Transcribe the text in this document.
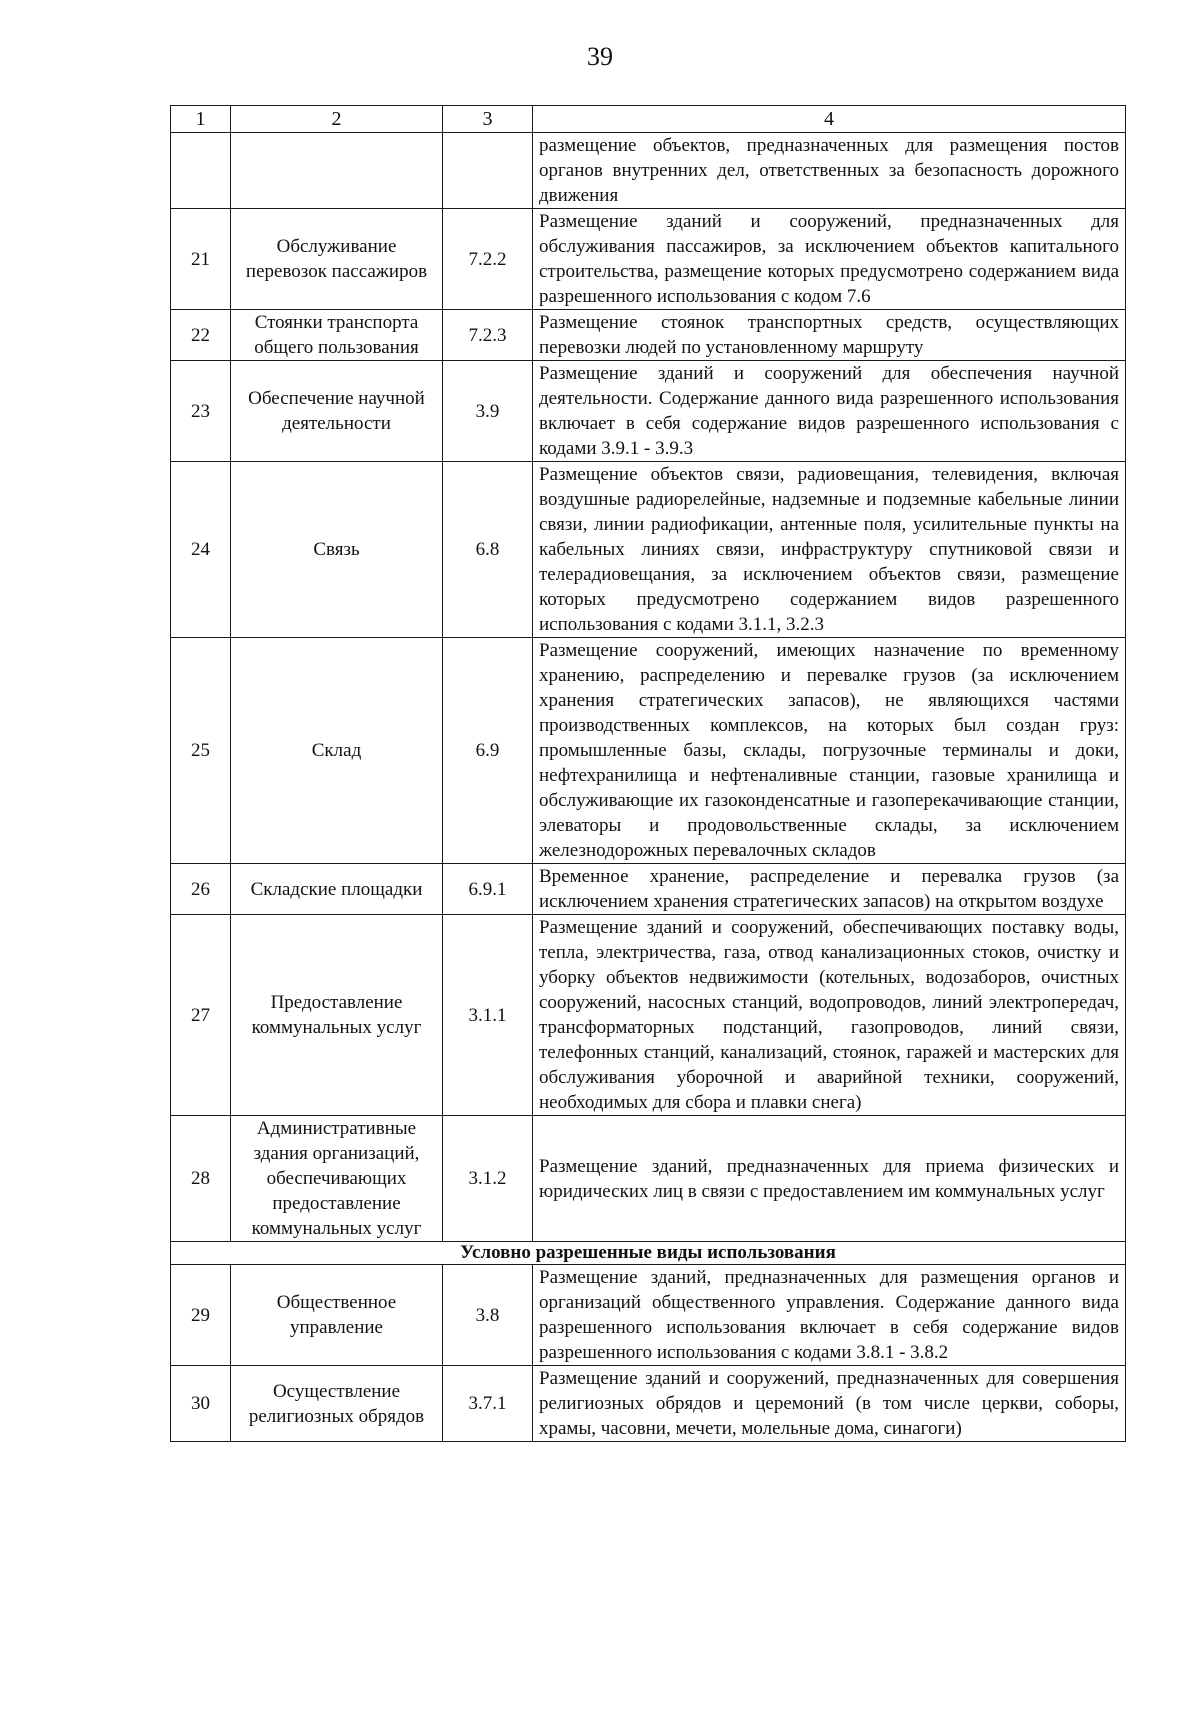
39
1	2	3	4
			размещение объектов, предназначенных для размещения постов органов внутренних дел, ответственных за безопасность дорожного движения
21	Обслуживание перевозок пассажиров	7.2.2	Размещение зданий и сооружений, предназначенных для обслуживания пассажиров, за исключением объектов капитального строительства, размещение которых предусмотрено содержанием вида разрешенного использования с кодом 7.6
22	Стоянки транспорта общего пользования	7.2.3	Размещение стоянок транспортных средств, осуществляющих перевозки людей по установленному маршруту
23	Обеспечение научной деятельности	3.9	Размещение зданий и сооружений для обеспечения научной деятельности. Содержание данного вида разрешенного использования включает в себя содержание видов разрешенного использования с кодами 3.9.1 - 3.9.3
24	Связь	6.8	Размещение объектов связи, радиовещания, телевидения, включая воздушные радиорелейные, надземные и подземные кабельные линии связи, линии радиофикации, антенные поля, усилительные пункты на кабельных линиях связи, инфраструктуру спутниковой связи и телерадиовещания, за исключением объектов связи, размещение которых предусмотрено содержанием видов разрешенного использования с кодами 3.1.1, 3.2.3
25	Склад	6.9	Размещение сооружений, имеющих назначение по временному хранению, распределению и перевалке грузов (за исключением хранения стратегических запасов), не являющихся частями производственных комплексов, на которых был создан груз: промышленные базы, склады, погрузочные терминалы и доки, нефтехранилища и нефтеналивные станции, газовые хранилища и обслуживающие их газоконденсатные и газоперекачивающие станции, элеваторы и продовольственные склады, за исключением железнодорожных перевалочных складов
26	Складские площадки	6.9.1	Временное хранение, распределение и перевалка грузов (за исключением хранения стратегических запасов) на открытом воздухе
27	Предоставление коммунальных услуг	3.1.1	Размещение зданий и сооружений, обеспечивающих поставку воды, тепла, электричества, газа, отвод канализационных стоков, очистку и уборку объектов недвижимости (котельных, водозаборов, очистных сооружений, насосных станций, водопроводов, линий электропередач, трансформаторных подстанций, газопроводов, линий связи, телефонных станций, канализаций, стоянок, гаражей и мастерских для обслуживания уборочной и аварийной техники, сооружений, необходимых для сбора и плавки снега)
28	Административные здания организаций, обеспечивающих предоставление коммунальных услуг	3.1.2	Размещение зданий, предназначенных для приема физических и юридических лиц в связи с предоставлением им коммунальных услуг
Условно разрешенные виды использования			
29	Общественное управление	3.8	Размещение зданий, предназначенных для размещения органов и организаций общественного управления. Содержание данного вида разрешенного использования включает в себя содержание видов разрешенного использования с кодами 3.8.1 - 3.8.2
30	Осуществление религиозных обрядов	3.7.1	Размещение зданий и сооружений, предназначенных для совершения религиозных обрядов и церемоний (в том числе церкви, соборы, храмы, часовни, мечети, молельные дома, синагоги)
